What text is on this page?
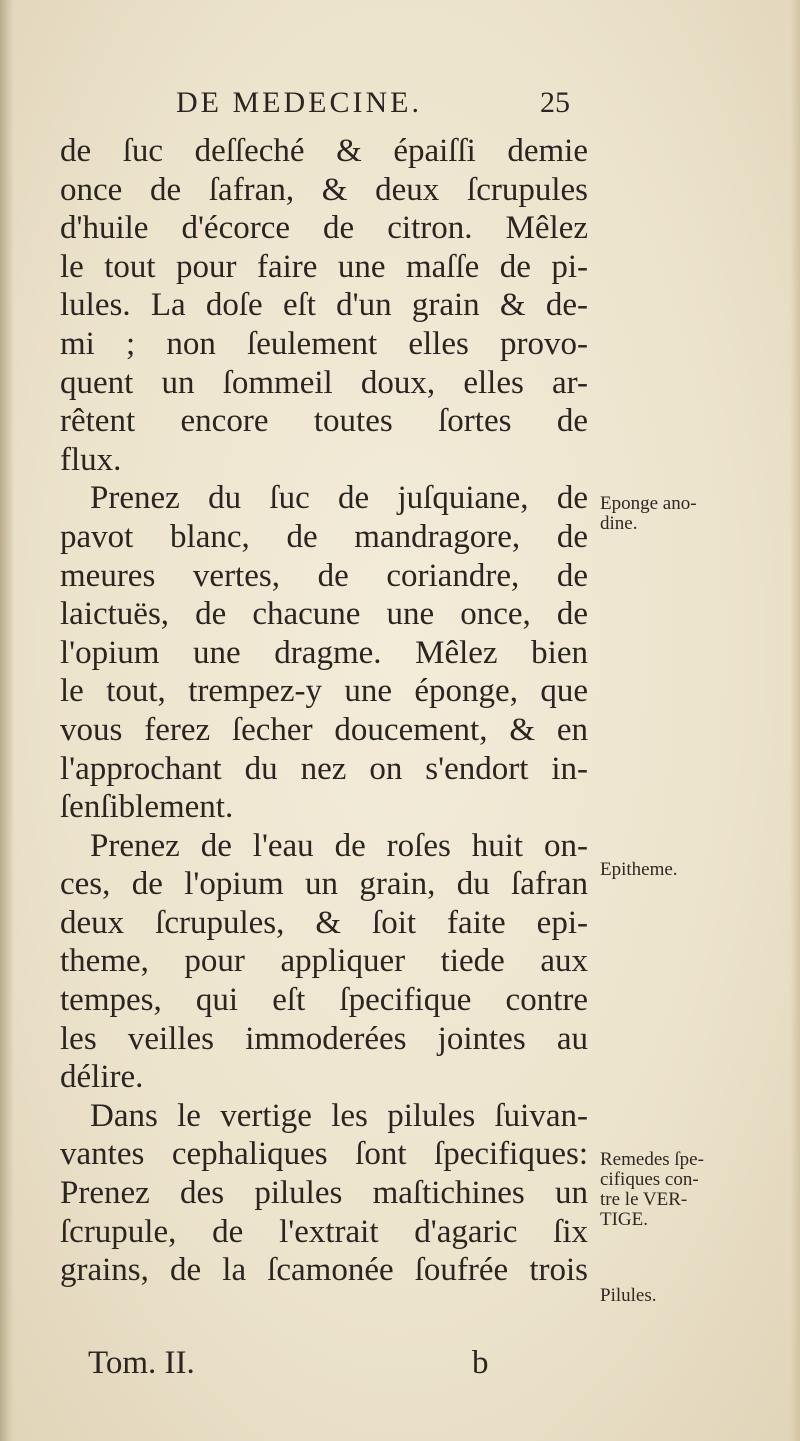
DE MEDECINE.	25
de ſuc deſſeché & épaiſſi demie
once de ſafran, & deux ſcrupules
d'huile d'écorce de citron. Mêlez
le tout pour faire une maſſe de pi-
lules. La doſe eſt d'un grain & de-
mi ; non ſeulement elles provo-
quent un ſommeil doux, elles ar-
rêtent encore toutes ſortes de
flux.
Prenez du ſuc de juſquiane, de
pavot blanc, de mandragore, de
meures vertes, de coriandre, de
laictuës, de chacune une once, de
l'opium une dragme. Mêlez bien
le tout, trempez-y une éponge, que
vous ferez ſecher doucement, & en
l'approchant du nez on s'endort in-
ſenſiblement.
Prenez de l'eau de roſes huit on-
ces, de l'opium un grain, du ſafran
deux ſcrupules, & ſoit faite epi-
theme, pour appliquer tiede aux
tempes, qui eſt ſpecifique contre
les veilles immoderées jointes au
délire.
Dans le vertige les pilules ſuivan-
vantes cephaliques ſont ſpecifiques:
Prenez des pilules maſtichines un
ſcrupule, de l'extrait d'agaric ſix
grains, de la ſcamonée ſoufrée trois
Eponge ano-
dine.
Epitheme.
Remedes ſpe-
cifiques con-
tre le VER-
TIGE.
Pilules.
Tom. II.	b
